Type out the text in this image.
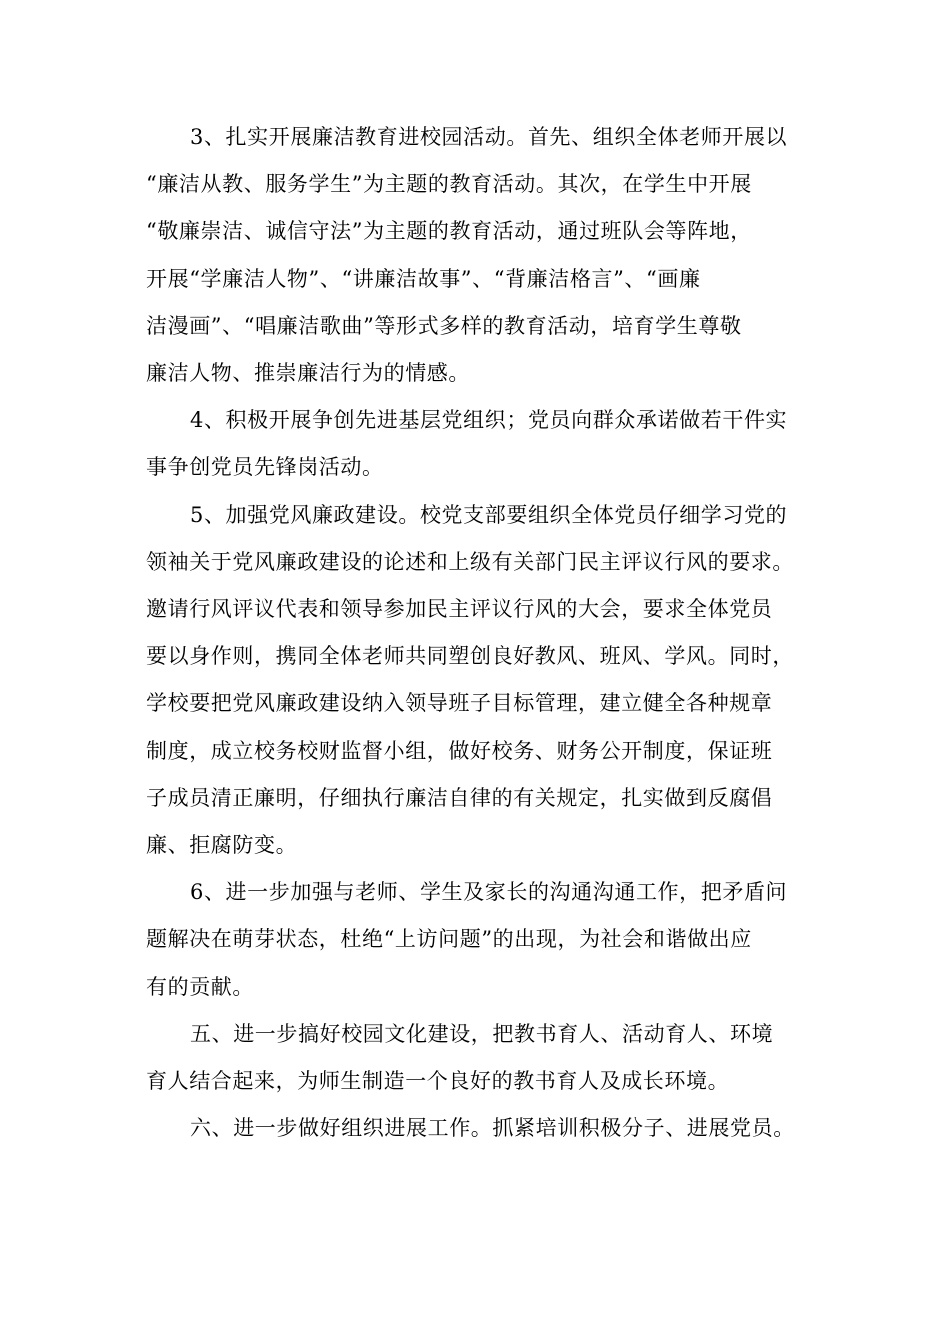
3、扎实开展廉洁教育进校园活动。首先、组织全体老师开展以
“廉洁从教、服务学生”为主题的教育活动。其次，在学生中开展
“敬廉崇洁、诚信守法”为主题的教育活动，通过班队会等阵地，
开展“学廉洁人物”、“讲廉洁故事”、“背廉洁格言”、“画廉
洁漫画”、“唱廉洁歌曲”等形式多样的教育活动，培育学生尊敬
廉洁人物、推崇廉洁行为的情感。

4、积极开展争创先进基层党组织；党员向群众承诺做若干件实
事争创党员先锋岗活动。

5、加强党风廉政建设。校党支部要组织全体党员仔细学习党的
领袖关于党风廉政建设的论述和上级有关部门民主评议行风的要求。
邀请行风评议代表和领导参加民主评议行风的大会，要求全体党员
要以身作则，携同全体老师共同塑创良好教风、班风、学风。同时，
学校要把党风廉政建设纳入领导班子目标管理，建立健全各种规章
制度，成立校务校财监督小组，做好校务、财务公开制度，保证班
子成员清正廉明，仔细执行廉洁自律的有关规定，扎实做到反腐倡
廉、拒腐防变。

6、进一步加强与老师、学生及家长的沟通沟通工作，把矛盾问
题解决在萌芽状态，杜绝“上访问题”的出现，为社会和谐做出应
有的贡献。

五、进一步搞好校园文化建设，把教书育人、活动育人、环境
育人结合起来，为师生制造一个良好的教书育人及成长环境。

六、进一步做好组织进展工作。抓紧培训积极分子、进展党员。
